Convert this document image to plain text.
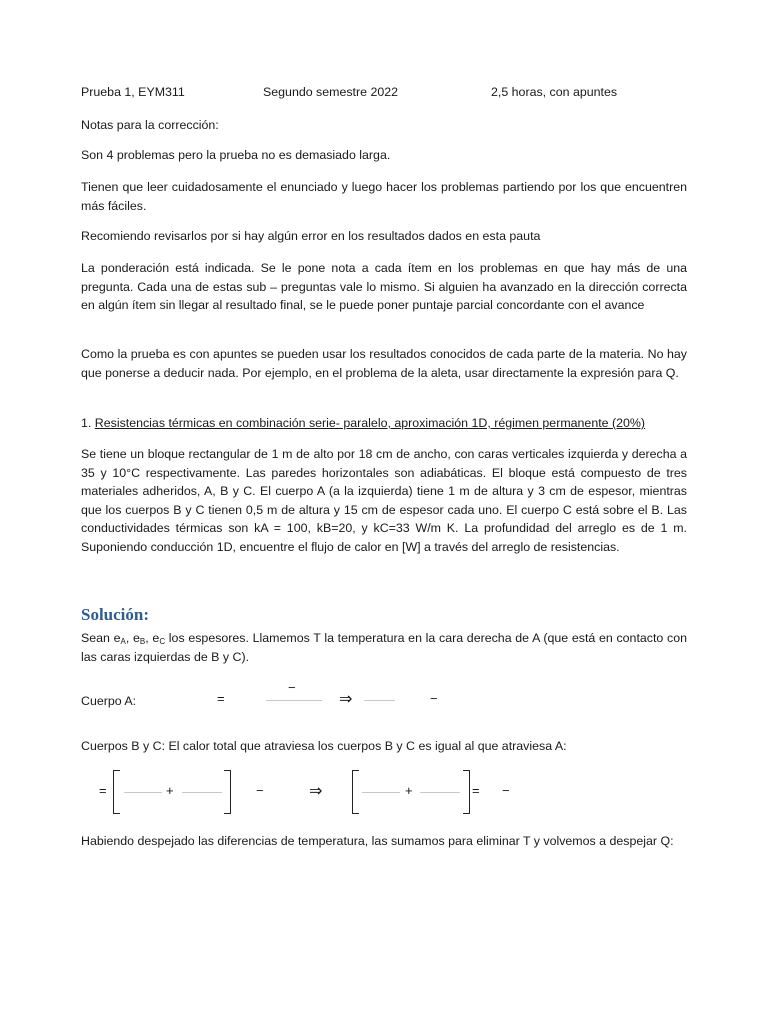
Prueba 1, EYM311	Segundo semestre 2022	2,5 horas, con apuntes

Notas para la corrección:

Son 4 problemas pero la prueba no es demasiado larga.

Tienen que leer cuidadosamente el enunciado y luego hacer los problemas partiendo por los que encuentren más fáciles.

Recomiendo revisarlos por si hay algún error en los resultados dados en esta pauta

La ponderación está indicada. Se le pone nota a cada ítem en los problemas en que hay más de una pregunta. Cada una de estas sub – preguntas vale lo mismo. Si alguien ha avanzado en la dirección correcta en algún ítem sin llegar al resultado final, se le puede poner puntaje parcial concordante con el avance

Como la prueba es con apuntes se pueden usar los resultados conocidos de cada parte de la materia. No hay que ponerse a deducir nada. Por ejemplo, en el problema de la aleta, usar directamente la expresión para Q.

1. Resistencias térmicas en combinación serie- paralelo, aproximación 1D, régimen permanente (20%)

Se tiene un bloque rectangular de 1 m de alto por 18 cm de ancho, con caras verticales izquierda y derecha a 35 y 10°C respectivamente. Las paredes horizontales son adiabáticas. El bloque está compuesto de tres materiales adheridos, A, B y C. El cuerpo A (a la izquierda) tiene 1 m de altura y 3 cm de espesor, mientras que los cuerpos B y C tienen 0,5 m de altura y 15 cm de espesor cada uno. El cuerpo C está sobre el B. Las conductividades térmicas son kA = 100, kB=20, y kC=33 W/m K. La profundidad del arreglo es de 1 m. Suponiendo conducción 1D, encuentre el flujo de calor en [W] a través del arreglo de resistencias.

Solución:

Sean $e_A$, $e_B$, $e_C$ los espesores. Llamemos T la temperatura en la cara derecha de A (que está en contacto con las caras izquierdas de B y C).

Cuerpo A:	=
−
⇒	−

Cuerpos B y C: El calor total que atraviesa los cuerpos B y C es igual al que atraviesa A:

=	+	−	⇒	+	= −

Habiendo despejado las diferencias de temperatura, las sumamos para eliminar T y volvemos a despejar Q:
